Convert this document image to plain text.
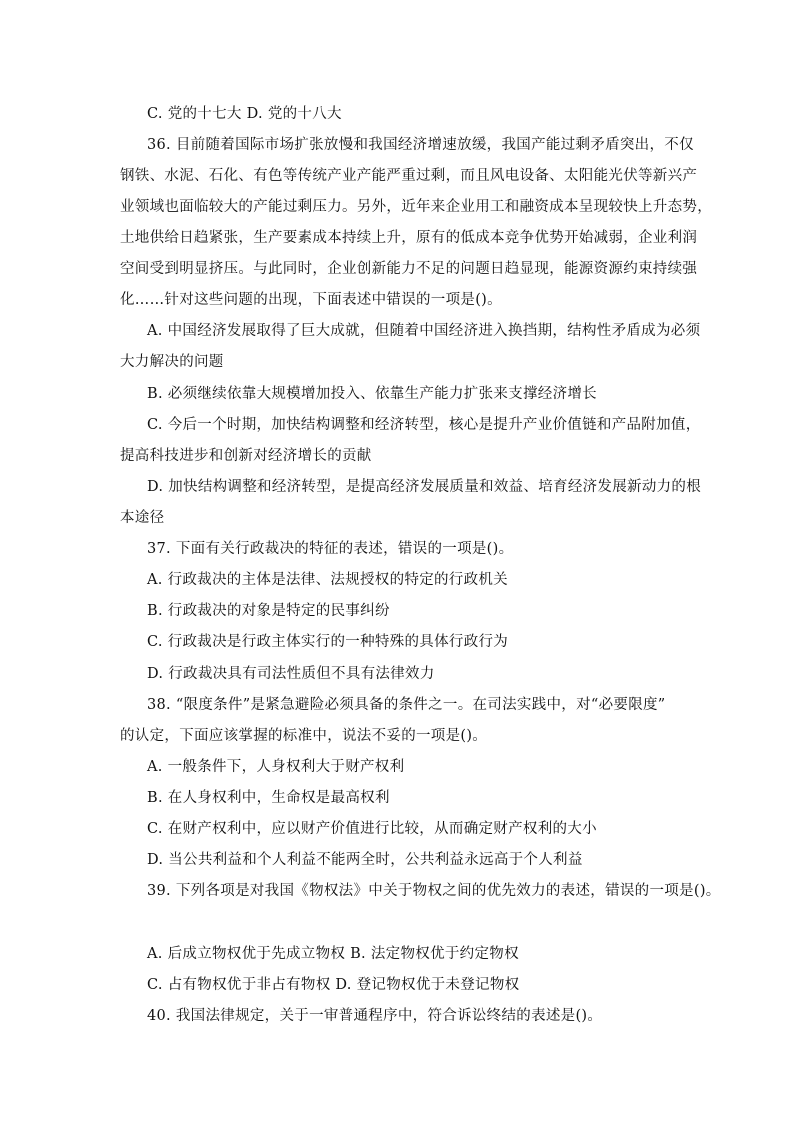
C. 党的十七大 D. 党的十八大
36. 目前随着国际市场扩张放慢和我国经济增速放缓，我国产能过剩矛盾突出，不仅
钢铁、水泥、石化、有色等传统产业产能严重过剩，而且风电设备、太阳能光伏等新兴产
业领域也面临较大的产能过剩压力。另外，近年来企业用工和融资成本呈现较快上升态势，
土地供给日趋紧张，生产要素成本持续上升，原有的低成本竞争优势开始减弱，企业利润
空间受到明显挤压。与此同时，企业创新能力不足的问题日趋显现，能源资源约束持续强
化……针对这些问题的出现，下面表述中错误的一项是()。
A. 中国经济发展取得了巨大成就，但随着中国经济进入换挡期，结构性矛盾成为必须
大力解决的问题
B. 必须继续依靠大规模增加投入、依靠生产能力扩张来支撑经济增长
C. 今后一个时期，加快结构调整和经济转型，核心是提升产业价值链和产品附加值，
提高科技进步和创新对经济增长的贡献
D. 加快结构调整和经济转型，是提高经济发展质量和效益、培育经济发展新动力的根
本途径
37. 下面有关行政裁决的特征的表述，错误的一项是()。
A. 行政裁决的主体是法律、法规授权的特定的行政机关
B. 行政裁决的对象是特定的民事纠纷
C. 行政裁决是行政主体实行的一种特殊的具体行政行为
D. 行政裁决具有司法性质但不具有法律效力
38. “限度条件”是紧急避险必须具备的条件之一。在司法实践中，对“必要限度”
的认定，下面应该掌握的标准中，说法不妥的一项是()。
A. 一般条件下，人身权利大于财产权利
B. 在人身权利中，生命权是最高权利
C. 在财产权利中，应以财产价值进行比较，从而确定财产权利的大小
D. 当公共利益和个人利益不能两全时，公共利益永远高于个人利益
39. 下列各项是对我国《物权法》中关于物权之间的优先效力的表述，错误的一项是()。
A. 后成立物权优于先成立物权 B. 法定物权优于约定物权
C. 占有物权优于非占有物权 D. 登记物权优于未登记物权
40. 我国法律规定，关于一审普通程序中，符合诉讼终结的表述是()。
